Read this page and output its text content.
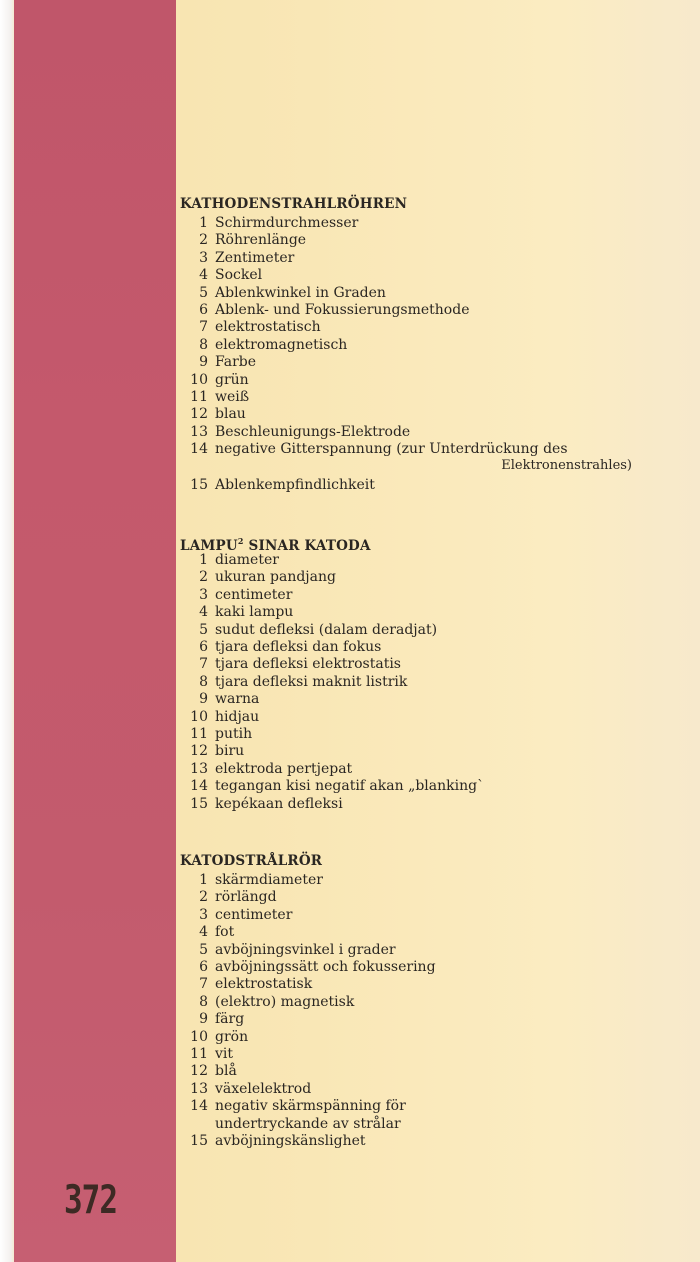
372
KATHODENSTRAHLRÖHREN
1 Schirmdurchmesser
2 Röhrenlänge
3 Zentimeter
4 Sockel
5 Ablenkwinkel in Graden
6 Ablenk- und Fokussierungsmethode
7 elektrostatisch
8 elektromagnetisch
9 Farbe
10 grün
11 weiß
12 blau
13 Beschleunigungs-Elektrode
14 negative Gitterspannung (zur Unterdrückung des
Elektronenstrahles)
15 Ablenkempfindlichkeit
LAMPU$^2$ SINAR KATODA
1 diameter
2 ukuran pandjang
3 centimeter
4 kaki lampu
5 sudut defleksi (dalam deradjat)
6 tjara defleksi dan fokus
7 tjara defleksi elektrostatis
8 tjara defleksi maknit listrik
9 warna
10 hidjau
11 putih
12 biru
13 elektroda pertjepat
14 tegangan kisi negatif akan „blanking`
15 kepékaan defleksi
KATODSTRÅLRÖR
1 skärmdiameter
2 rörlängd
3 centimeter
4 fot
5 avböjningsvinkel i grader
6 avböjningssätt och fokussering
7 elektrostatisk
8 (elektro) magnetisk
9 färg
10 grön
11 vit
12 blå
13 växelelektrod
14 negativ skärmspänning för
undertryckande av strålar
15 avböjningskänslighet
